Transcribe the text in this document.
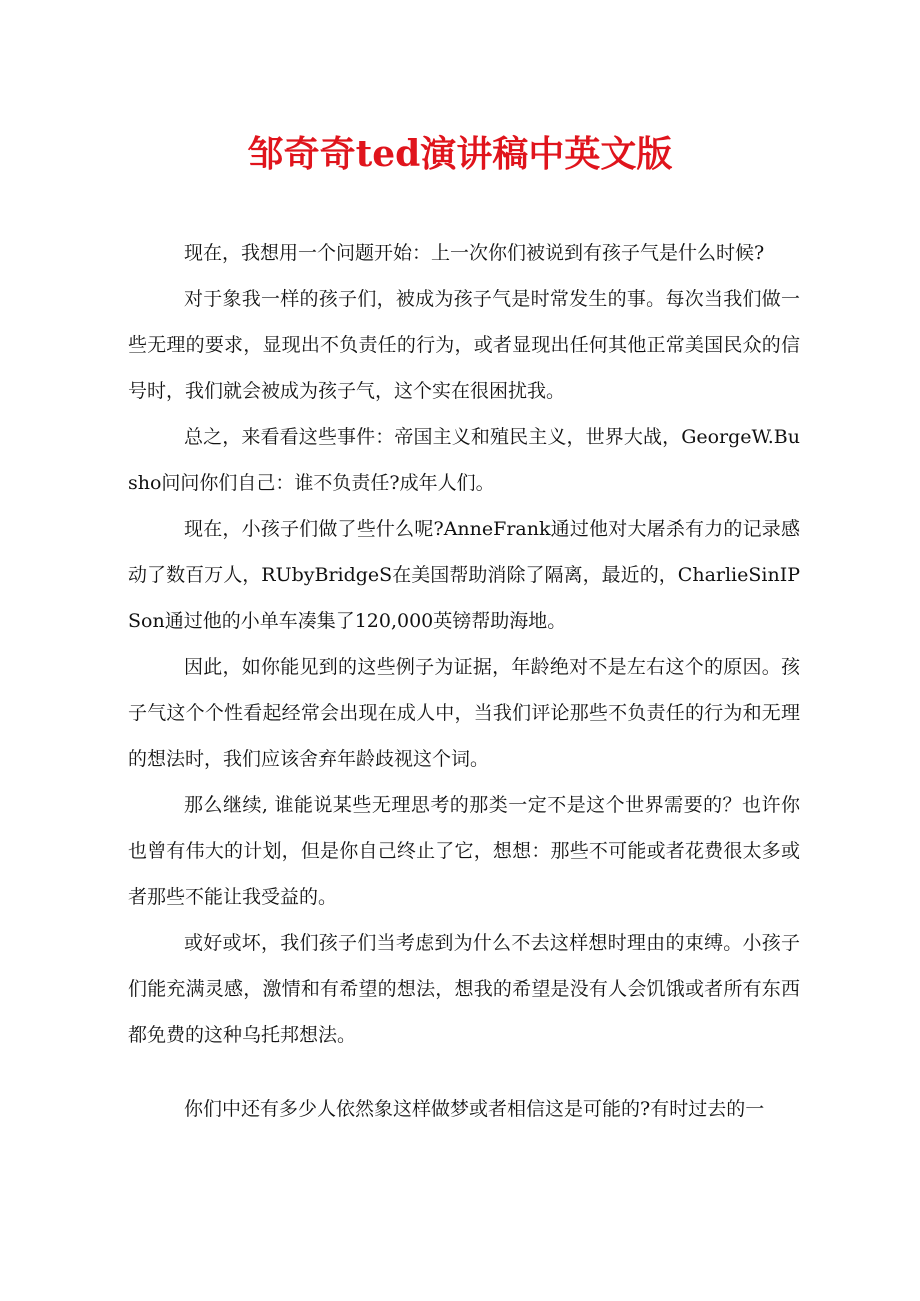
邹奇奇ted演讲稿中英文版

现在，我想用一个问题开始：上一次你们被说到有孩子气是什么时候?

对于象我一样的孩子们，被成为孩子气是时常发生的事。每次当我们做一些无理的要求，显现出不负责任的行为，或者显现出任何其他正常美国民众的信号时，我们就会被成为孩子气，这个实在很困扰我。

总之，来看看这些事件：帝国主义和殖民主义，世界大战，GeorgeW.Busho问问你们自己：谁不负责任?成年人们。

现在，小孩子们做了些什么呢?AnneFrank通过他对大屠杀有力的记录感动了数百万人，RUbyBridgeS在美国帮助消除了隔离，最近的，CharlieSinIPSon通过他的小单车凑集了120,000英镑帮助海地。

因此，如你能见到的这些例子为证据，年龄绝对不是左右这个的原因。孩子气这个个性看起经常会出现在成人中，当我们评论那些不负责任的行为和无理的想法时，我们应该舍弃年龄歧视这个词。

那么继续, 谁能说某些无理思考的那类一定不是这个世界需要的？也许你也曾有伟大的计划，但是你自己终止了它，想想：那些不可能或者花费很太多或者那些不能让我受益的。

或好或坏，我们孩子们当考虑到为什么不去这样想时理由的束缚。小孩子们能充满灵感，激情和有希望的想法，想我的希望是没有人会饥饿或者所有东西都免费的这种乌托邦想法。

你们中还有多少人依然象这样做梦或者相信这是可能的?有时过去的一
